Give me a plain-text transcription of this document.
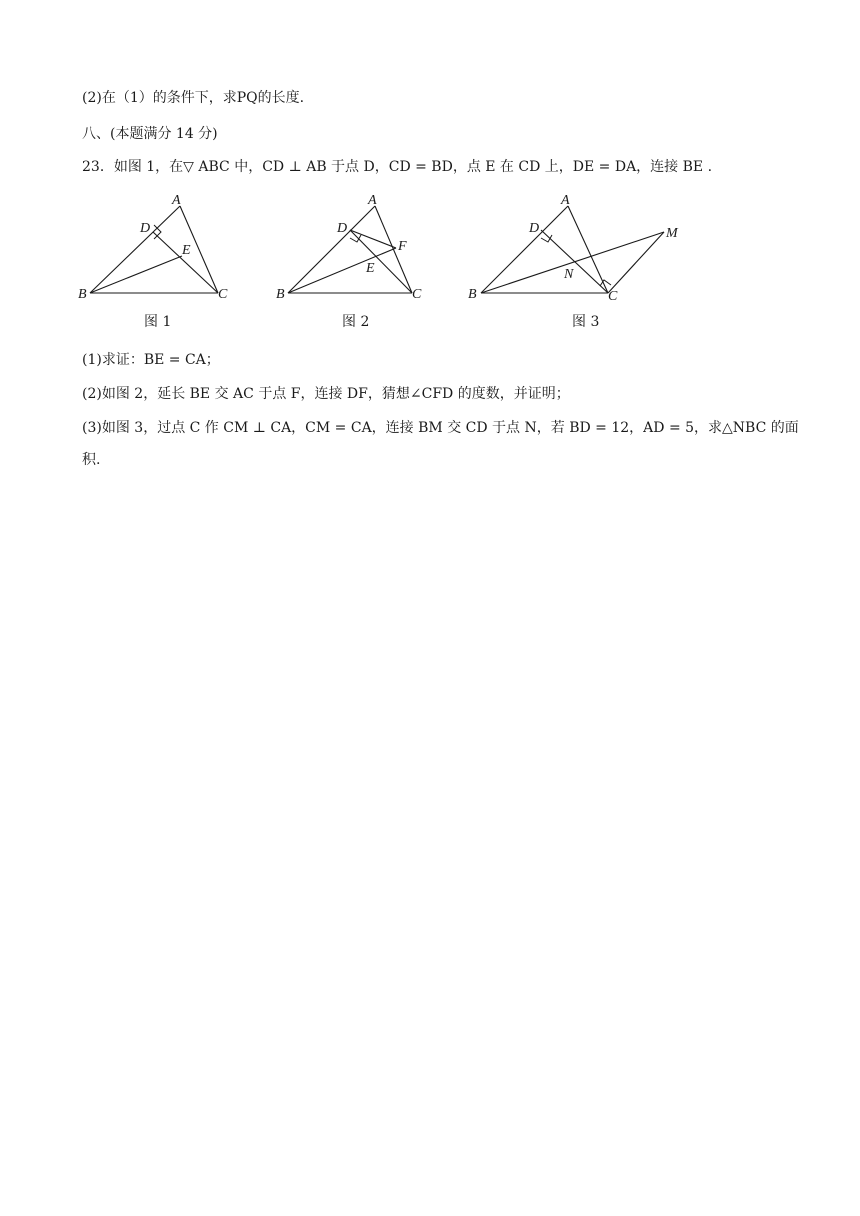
(2)在（1）的条件下，求PQ的长度.
八、(本题满分 14 分)
23．如图 1，在▽ ABC 中，CD ⊥ AB 于点 D，CD = BD，点 E 在 CD 上，DE = DA，连接 BE .
A
B	C
D
E
图 1
A
B	C
D
E
F
图 2
A
B	C
D	M
N
图 3
(1)求证：BE = CA；
(2)如图 2，延长 BE 交 AC 于点 F，连接 DF，猜想∠CFD 的度数，并证明；
(3)如图 3，过点 C 作 CM ⊥ CA，CM = CA，连接 BM 交 CD 于点 N，若 BD = 12，AD = 5，求△NBC 的面
积.
